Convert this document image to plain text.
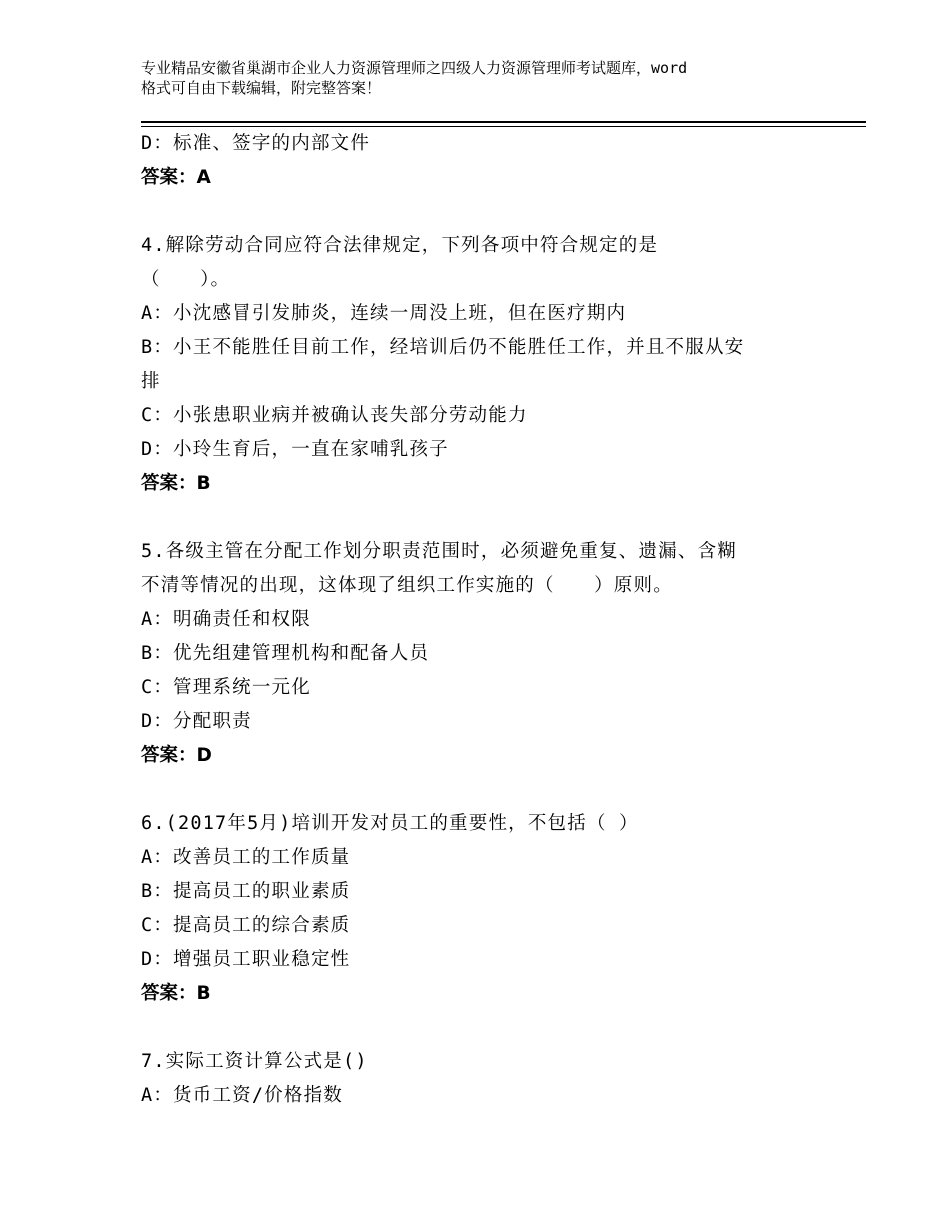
专业精品安徽省巢湖市企业人力资源管理师之四级人力资源管理师考试题库，word
格式可自由下载编辑，附完整答案！
D：标准、签字的内部文件
答案：A
4.解除劳动合同应符合法律规定，下列各项中符合规定的是
（　　）。
A：小沈感冒引发肺炎，连续一周没上班，但在医疗期内
B：小王不能胜任目前工作，经培训后仍不能胜任工作，并且不服从安
排
C：小张患职业病并被确认丧失部分劳动能力
D：小玲生育后，一直在家哺乳孩子
答案：B
5.各级主管在分配工作划分职责范围时，必须避免重复、遗漏、含糊
不清等情况的出现，这体现了组织工作实施的（　　）原则。
A：明确责任和权限
B：优先组建管理机构和配备人员
C：管理系统一元化
D：分配职责
答案：D
6.(2017年5月)培训开发对员工的重要性，不包括（ ）
A：改善员工的工作质量
B：提高员工的职业素质
C：提高员工的综合素质
D：增强员工职业稳定性
答案：B
7.实际工资计算公式是()
A：货币工资/价格指数
